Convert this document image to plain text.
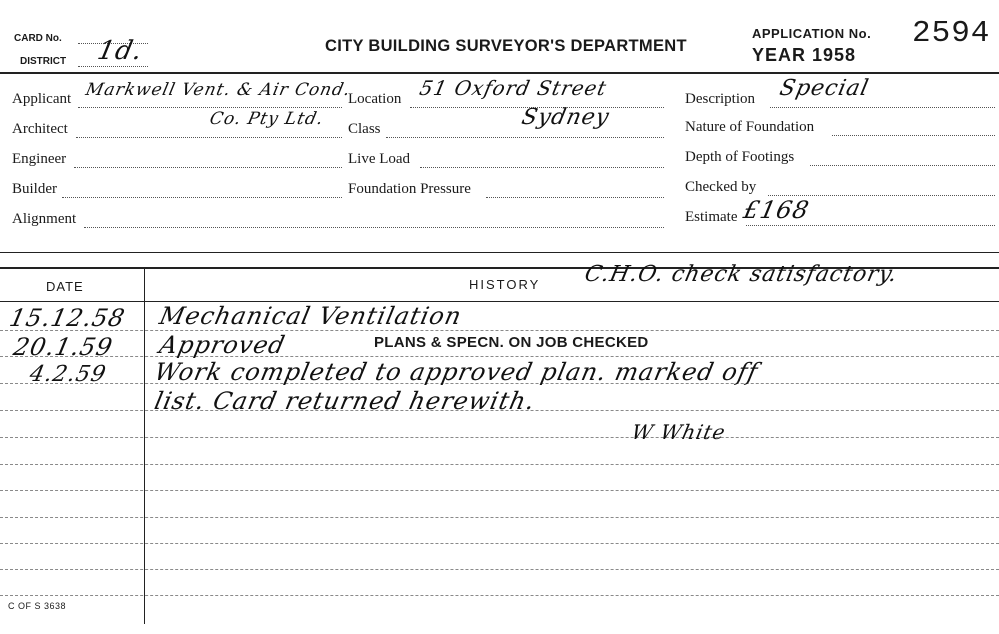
CARD No.
DISTRICT 1d.	CITY BUILDING SURVEYOR'S DEPARTMENT
APPLICATION No. 2594
YEAR 1958
Applicant Markwell Vent. & Air Cond.
Co. Pty Ltd.
Architect
Engineer
Builder
Alignment
Location 51 Oxford Street
Sydney
Class
Live Load
Foundation Pressure
Description Special
Nature of Foundation
Depth of Footings
Checked by
Estimate £168
DATE	HISTORY C.H.O. check satisfactory.
15.12.58 Mechanical Ventilation
20.1.59 Approved	PLANS & SPECN. ON JOB CHECKED
4.2.59 Work completed to approved plan. marked off
list. Card returned herewith.
W White
C OF S 3638
